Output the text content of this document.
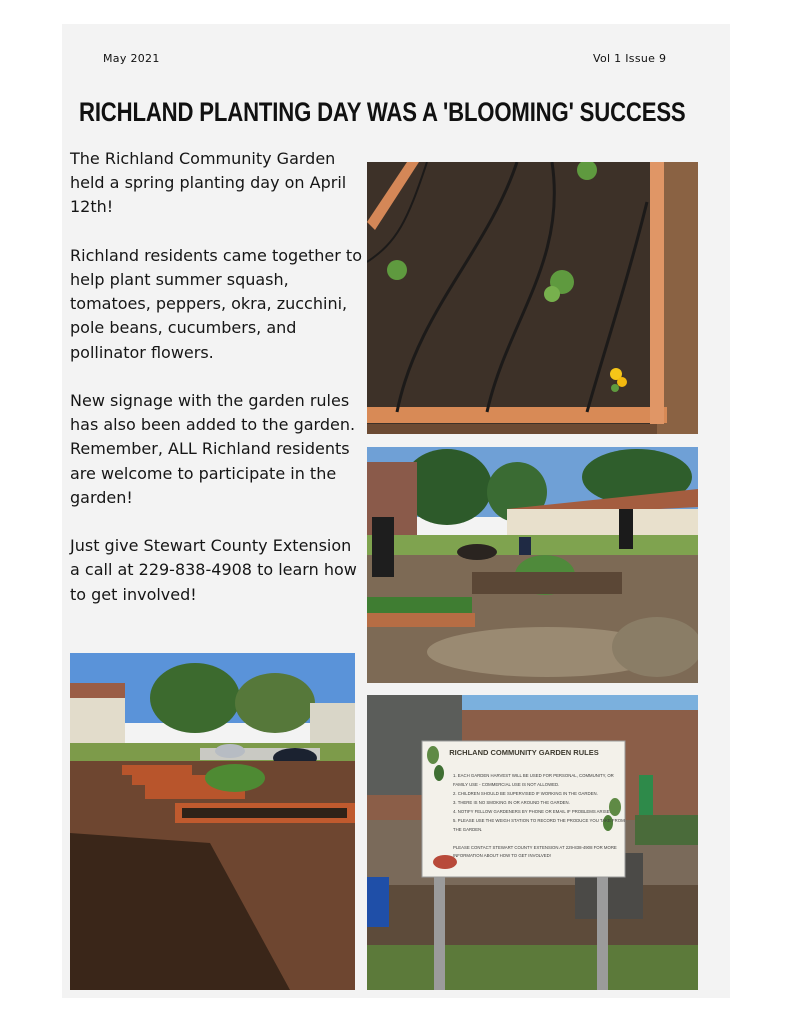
May 2021	Vol 1 Issue 9
RICHLAND PLANTING DAY WAS A 'BLOOMING' SUCCESS

The Richland Community Garden held a spring planting day on April 12th!

Richland residents came together to help plant summer squash, tomatoes, peppers, okra, zucchini, pole beans, cucumbers, and pollinator flowers.

New signage with the garden rules has also been added to the garden. Remember, ALL Richland residents are welcome to participate in the garden!

Just give Stewart County Extension a call at 229-838-4908 to learn how to get involved!

RICHLAND COMMUNITY GARDEN RULES
1. EACH GARDEN HARVEST WILL BE USED FOR PERSONAL, COMMUNITY, OR
FAMILY USE - COMMERCIAL USE IS NOT ALLOWED.
2. CHILDREN SHOULD BE SUPERVISED IF WORKING IN THE GARDEN.
3. THERE IS NO SMOKING IN OR AROUND THE GARDEN.
4. NOTIFY FELLOW GARDENERS BY PHONE OR EMAIL IF PROBLEMS ARISE.
5. PLEASE USE THE WEIGH STATION TO RECORD THE PRODUCE YOU TAKE FROM
THE GARDEN.
PLEASE CONTACT STEWART COUNTY EXTENSION AT 229-838-4908 FOR MORE
INFORMATION ABOUT HOW TO GET INVOLVED!
